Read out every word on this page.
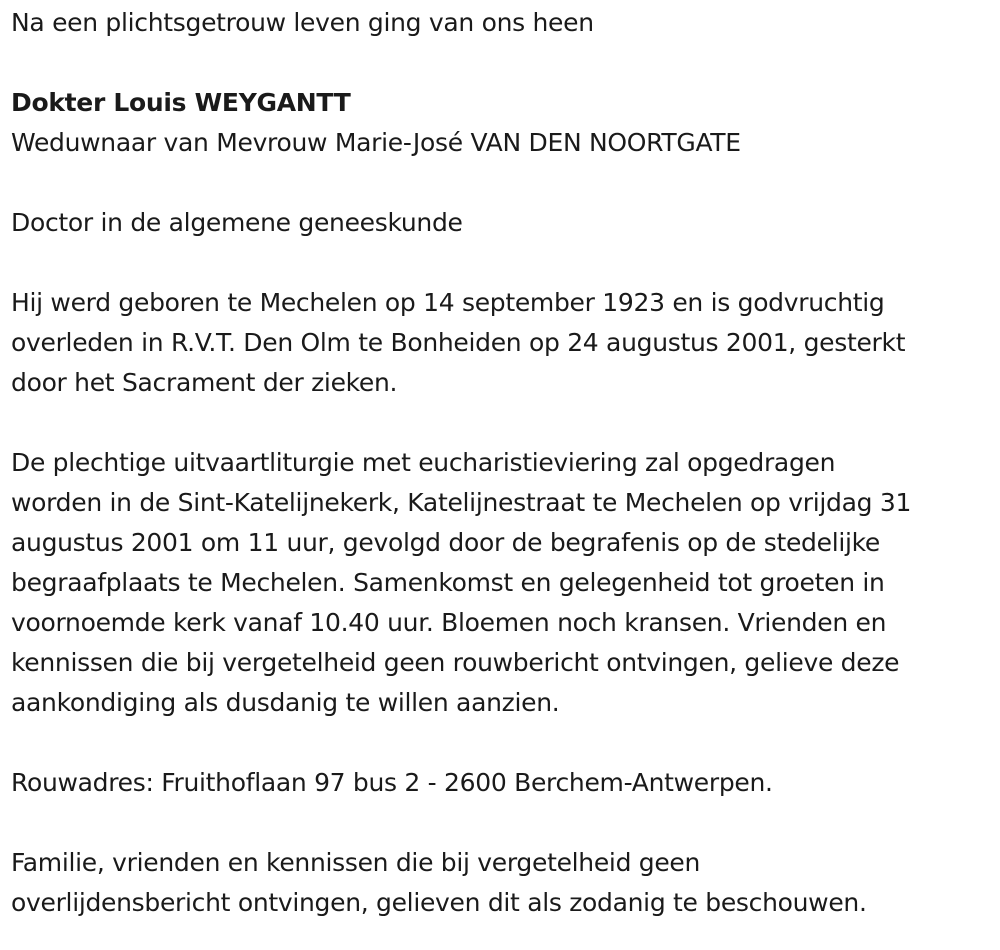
Na een plichtsgetrouw leven ging van ons heen
Dokter Louis WEYGANTT
Weduwnaar van Mevrouw Marie-José VAN DEN NOORTGATE
Doctor in de algemene geneeskunde
Hij werd geboren te Mechelen op 14 september 1923 en is godvruchtig
overleden in R.V.T. Den Olm te Bonheiden op 24 augustus 2001, gesterkt
door het Sacrament der zieken.
De plechtige uitvaartliturgie met eucharistieviering zal opgedragen
worden in de Sint-Katelijnekerk, Katelijnestraat te Mechelen op vrijdag 31
augustus 2001 om 11 uur, gevolgd door de begrafenis op de stedelijke
begraafplaats te Mechelen. Samenkomst en gelegenheid tot groeten in
voornoemde kerk vanaf 10.40 uur. Bloemen noch kransen. Vrienden en
kennissen die bij vergetelheid geen rouwbericht ontvingen, gelieve deze
aankondiging als dusdanig te willen aanzien.
Rouwadres: Fruithoflaan 97 bus 2 - 2600 Berchem-Antwerpen.
Familie, vrienden en kennissen die bij vergetelheid geen
overlijdensbericht ontvingen, gelieven dit als zodanig te beschouwen.
